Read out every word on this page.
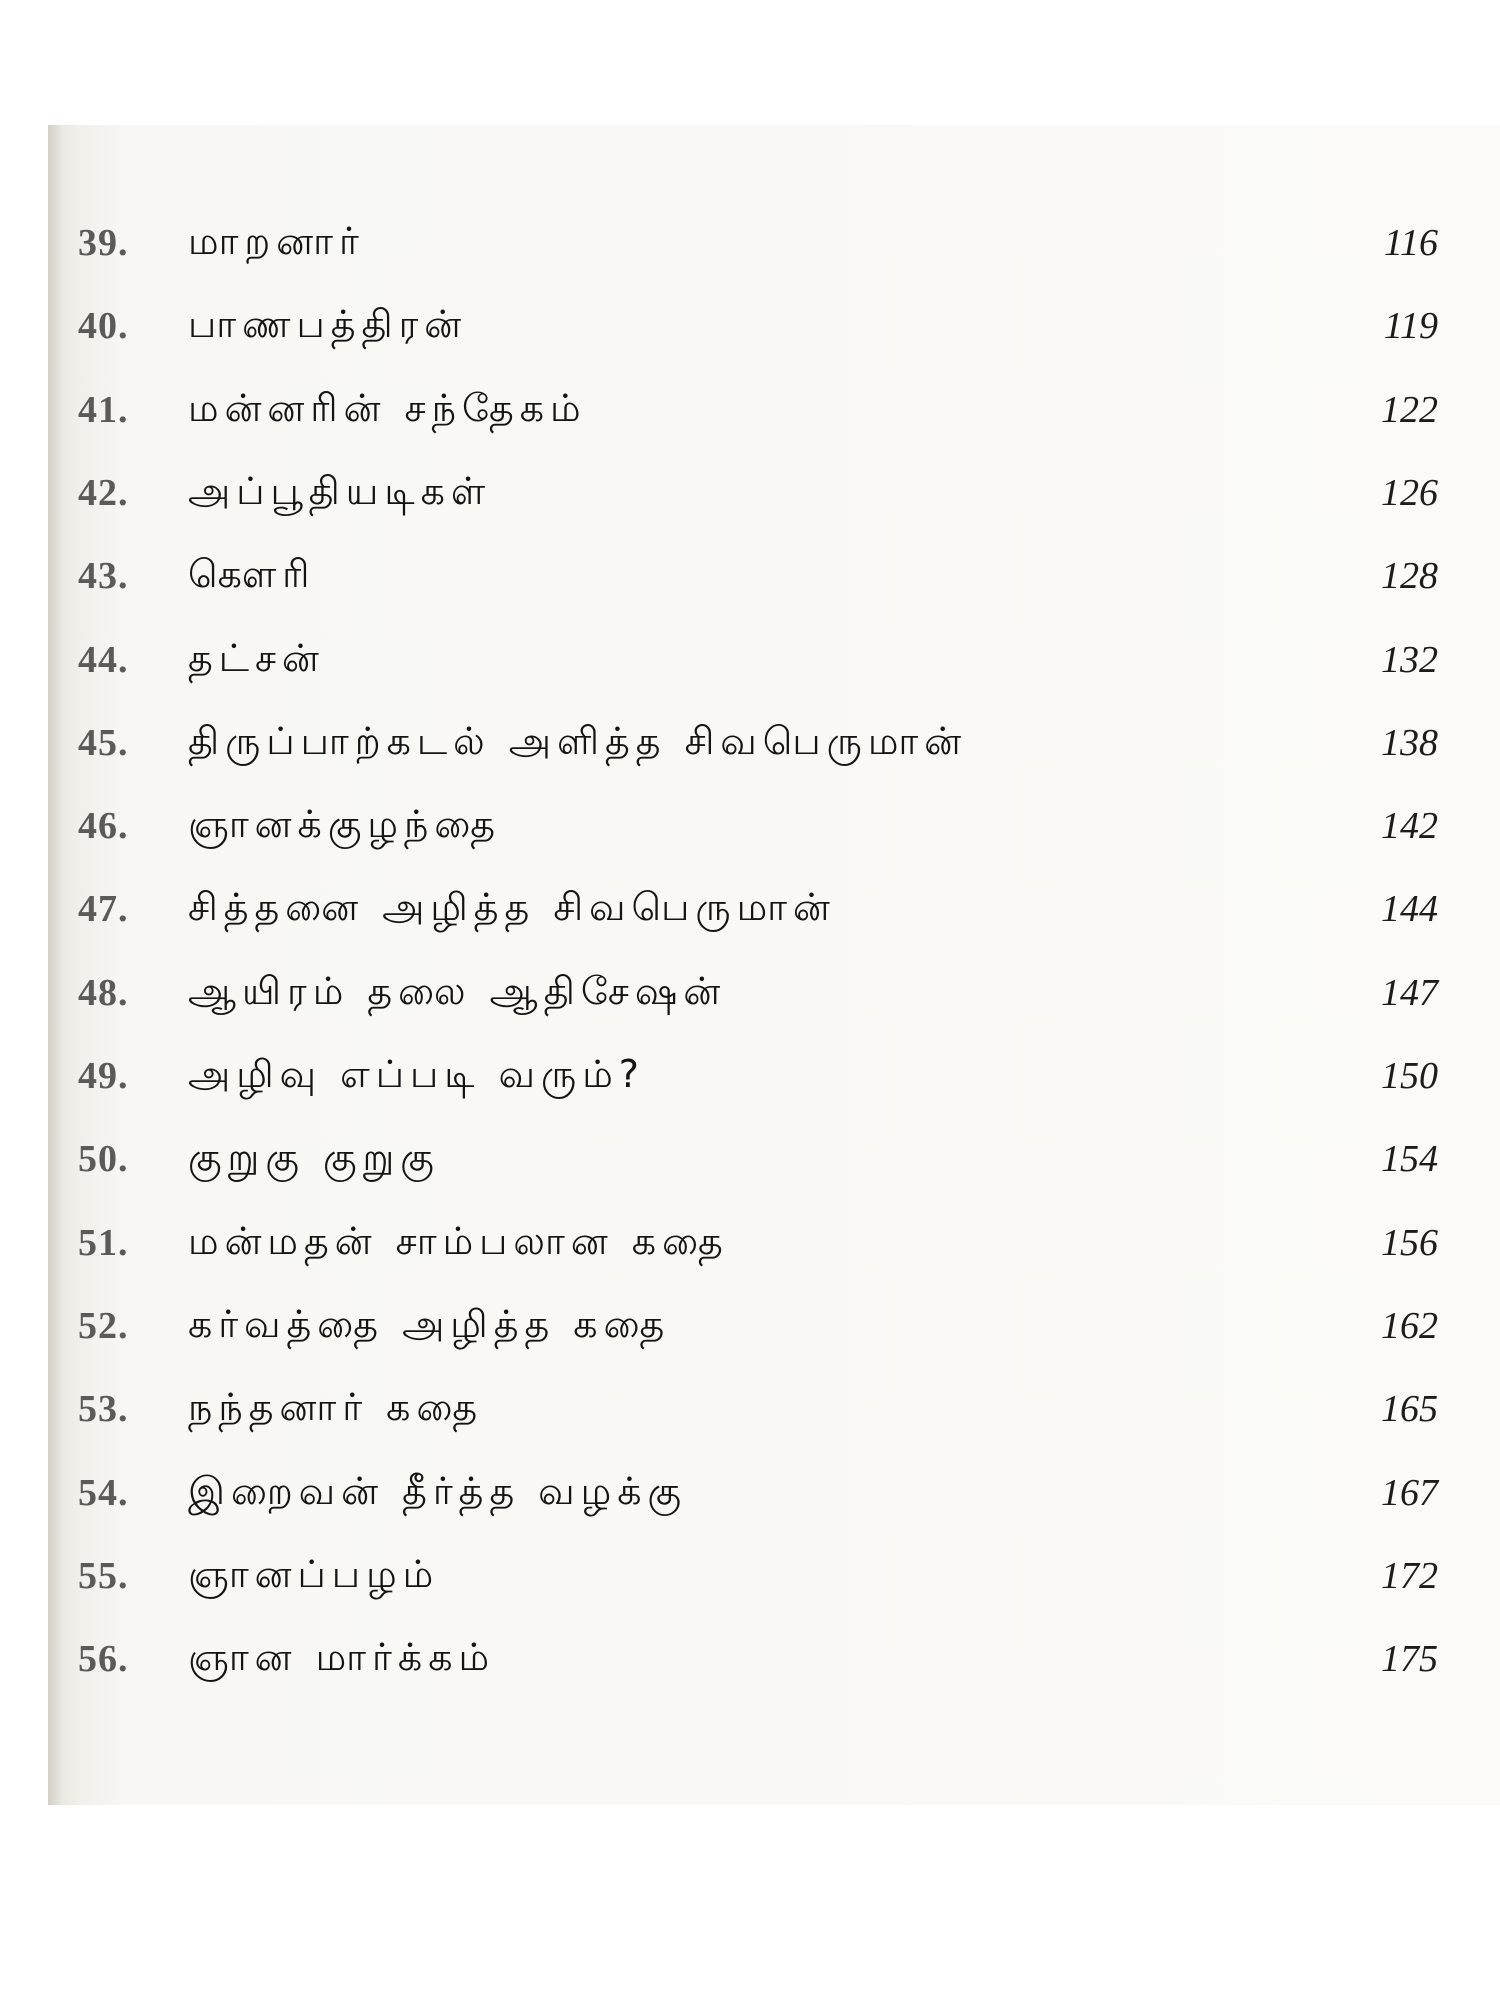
39. மாறனார்	116
40. பாணபத்திரன்	119
41. மன்னரின் சந்தேகம்	122
42. அப்பூதியடிகள்	126
43. கௌரி	128
44. தட்சன்	132
45. திருப்பாற்கடல் அளித்த சிவபெருமான்	138
46. ஞானக்குழந்தை	142
47. சித்தனை அழித்த சிவபெருமான்	144
48. ஆயிரம் தலை ஆதிசேஷன்	147
49. அழிவு எப்படி வரும்?	150
50. குறுகு குறுகு	154
51. மன்மதன் சாம்பலான கதை	156
52. கர்வத்தை அழித்த கதை	162
53. நந்தனார் கதை	165
54. இறைவன் தீர்த்த வழக்கு	167
55. ஞானப்பழம்	172
56. ஞான மார்க்கம்	175
